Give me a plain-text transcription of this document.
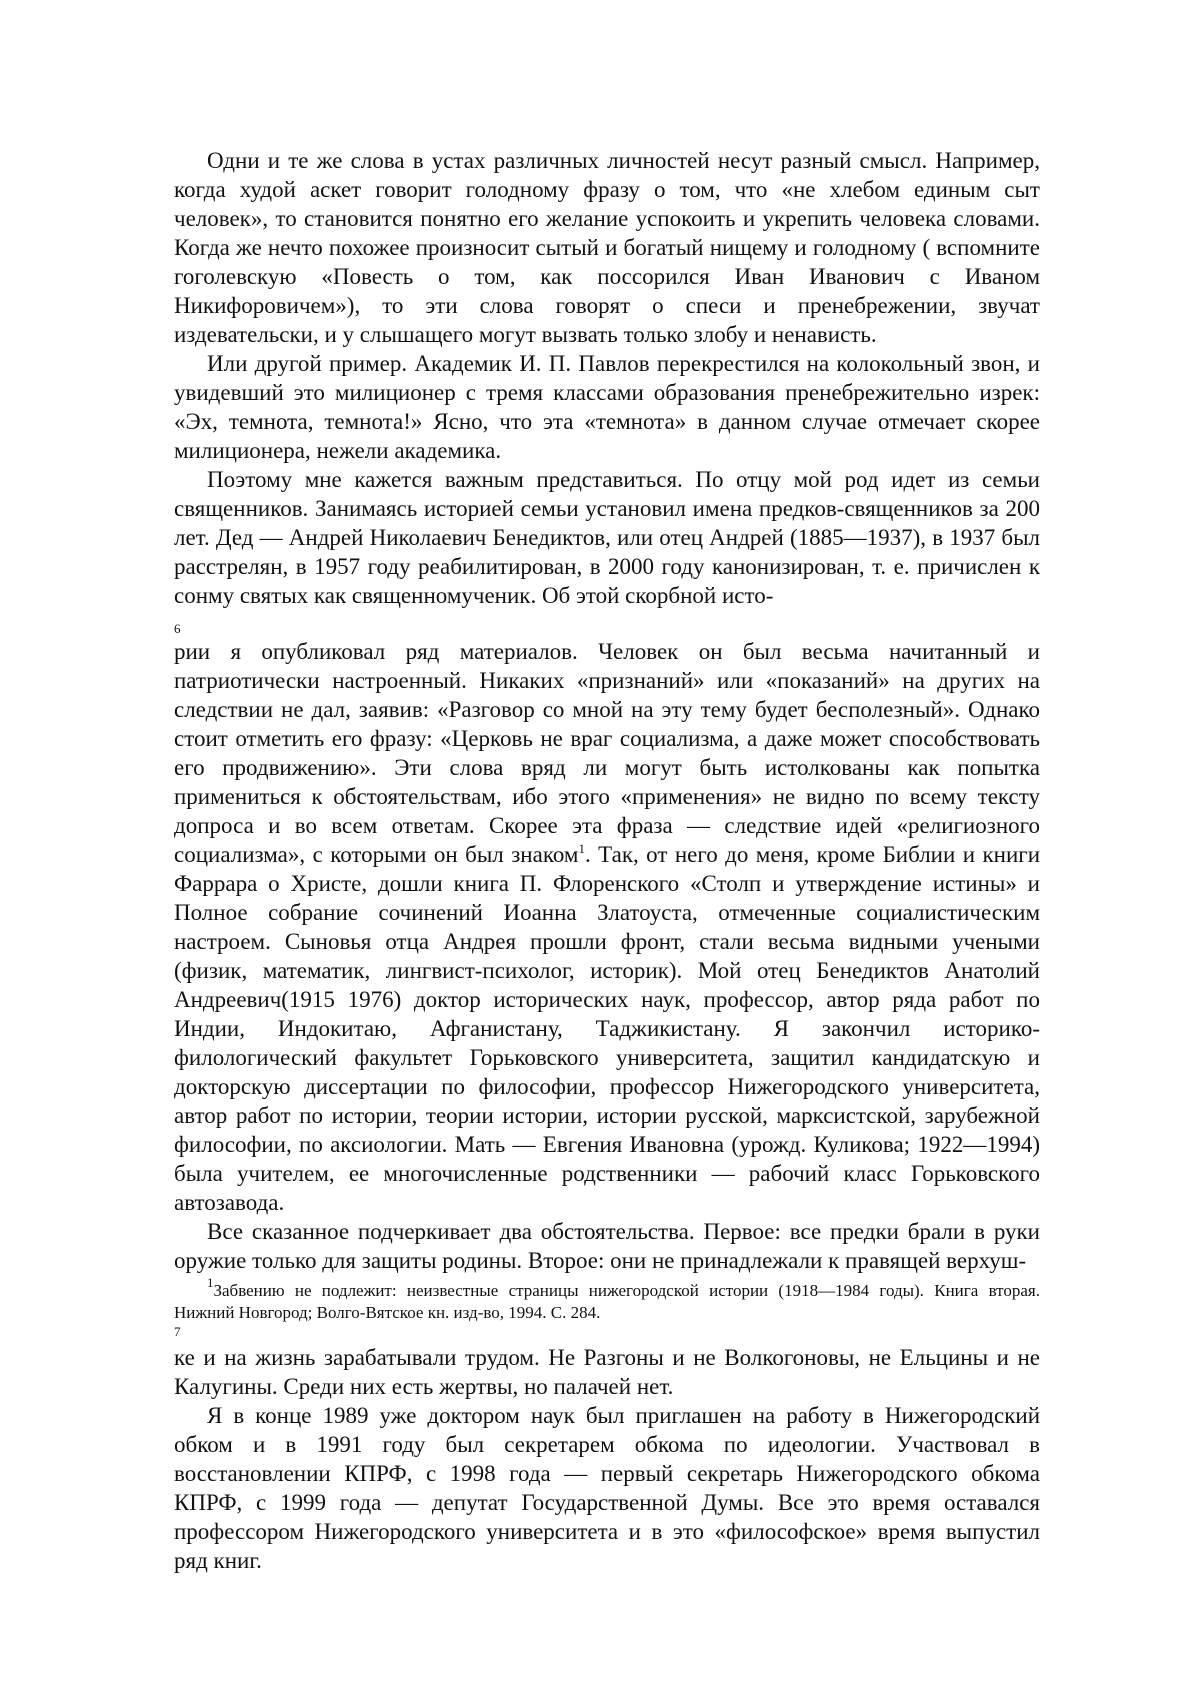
Одни и те же слова в устах различных личностей несут разный смысл. Например, когда худой аскет говорит голодному фразу о том, что «не хлебом единым сыт человек», то становится понятно его желание успокоить и укрепить человека словами. Когда же нечто похожее произносит сытый и богатый нищему и голодному ( вспомните гоголевскую «Повесть о том, как поссорился Иван Иванович с Иваном Никифоровичем»), то эти слова говорят о спеси и пренебрежении, звучат издевательски, и у слышащего могут вызвать только злобу и ненависть.

Или другой пример. Академик И. П. Павлов перекрестился на колокольный звон, и увидевший это милиционер с тремя классами образования пренебрежительно изрек: «Эх, темнота, темнота!» Ясно, что эта «темнота» в данном случае отмечает скорее милиционера, нежели академика.

Поэтому мне кажется важным представиться. По отцу мой род идет из семьи священников. Занимаясь историей семьи установил имена предков-священников за 200 лет. Дед — Андрей Николаевич Бенедиктов, или отец Андрей (1885—1937), в 1937 был расстрелян, в 1957 году реабилитирован, в 2000 году канонизирован, т. е. причислен к сонму святых как священномученик. Об этой скорбной исто-

6

рии я опубликовал ряд материалов. Человек он был весьма начитанный и патриотически настроенный. Никаких «признаний» или «показаний» на других на следствии не дал, заявив: «Разговор со мной на эту тему будет бесполезный». Однако стоит отметить его фразу: «Церковь не враг социализма, а даже может способствовать его продвижению». Эти слова вряд ли могут быть истолкованы как попытка примениться к обстоятельствам, ибо этого «применения» не видно по всему тексту допроса и во всем ответам. Скорее эта фраза — следствие идей «религиозного социализма», с которыми он был знаком$^1$. Так, от него до меня, кроме Библии и книги Фаррара о Христе, дошли книга П. Флоренского «Столп и утверждение истины» и Полное собрание сочинений Иоанна Златоуста, отмеченные социалистическим настроем. Сыновья отца Андрея прошли фронт, стали весьма видными учеными (физик, математик, лингвист-психолог, историк). Мой отец Бенедиктов Анатолий Андреевич(1915 1976) доктор исторических наук, профессор, автор ряда работ по Индии, Индокитаю, Афганистану, Таджикистану. Я закончил историко-филологический факультет Горьковского университета, защитил кандидатскую и докторскую диссертации по философии, профессор Нижегородского университета, автор работ по истории, теории истории, истории русской, марксистской, зарубежной философии, по аксиологии. Мать — Евгения Ивановна (урожд. Куликова; 1922—1994) была учителем, ее многочисленные родственники — рабочий класс Горьковского автозавода.

Все сказанное подчеркивает два обстоятельства. Первое: все предки брали в руки оружие только для защиты родины. Второе: они не принадлежали к правящей верхуш-

$^1$Забвению не подлежит: неизвестные страницы нижегородской истории (1918—1984 годы). Книга вторая. Нижний Новгород; Волго-Вятское кн. изд-во, 1994. С. 284.
7

ке и на жизнь зарабатывали трудом. Не Разгоны и не Волкогоновы, не Ельцины и не Калугины. Среди них есть жертвы, но палачей нет.

Я в конце 1989 уже доктором наук был приглашен на работу в Нижегородский обком и в 1991 году был секретарем обкома по идеологии. Участвовал в восстановлении КПРФ, с 1998 года — первый секретарь Нижегородского обкома КПРФ, с 1999 года — депутат Государственной Думы. Все это время оставался профессором Нижегородского университета и в это «философское» время выпустил ряд книг.
